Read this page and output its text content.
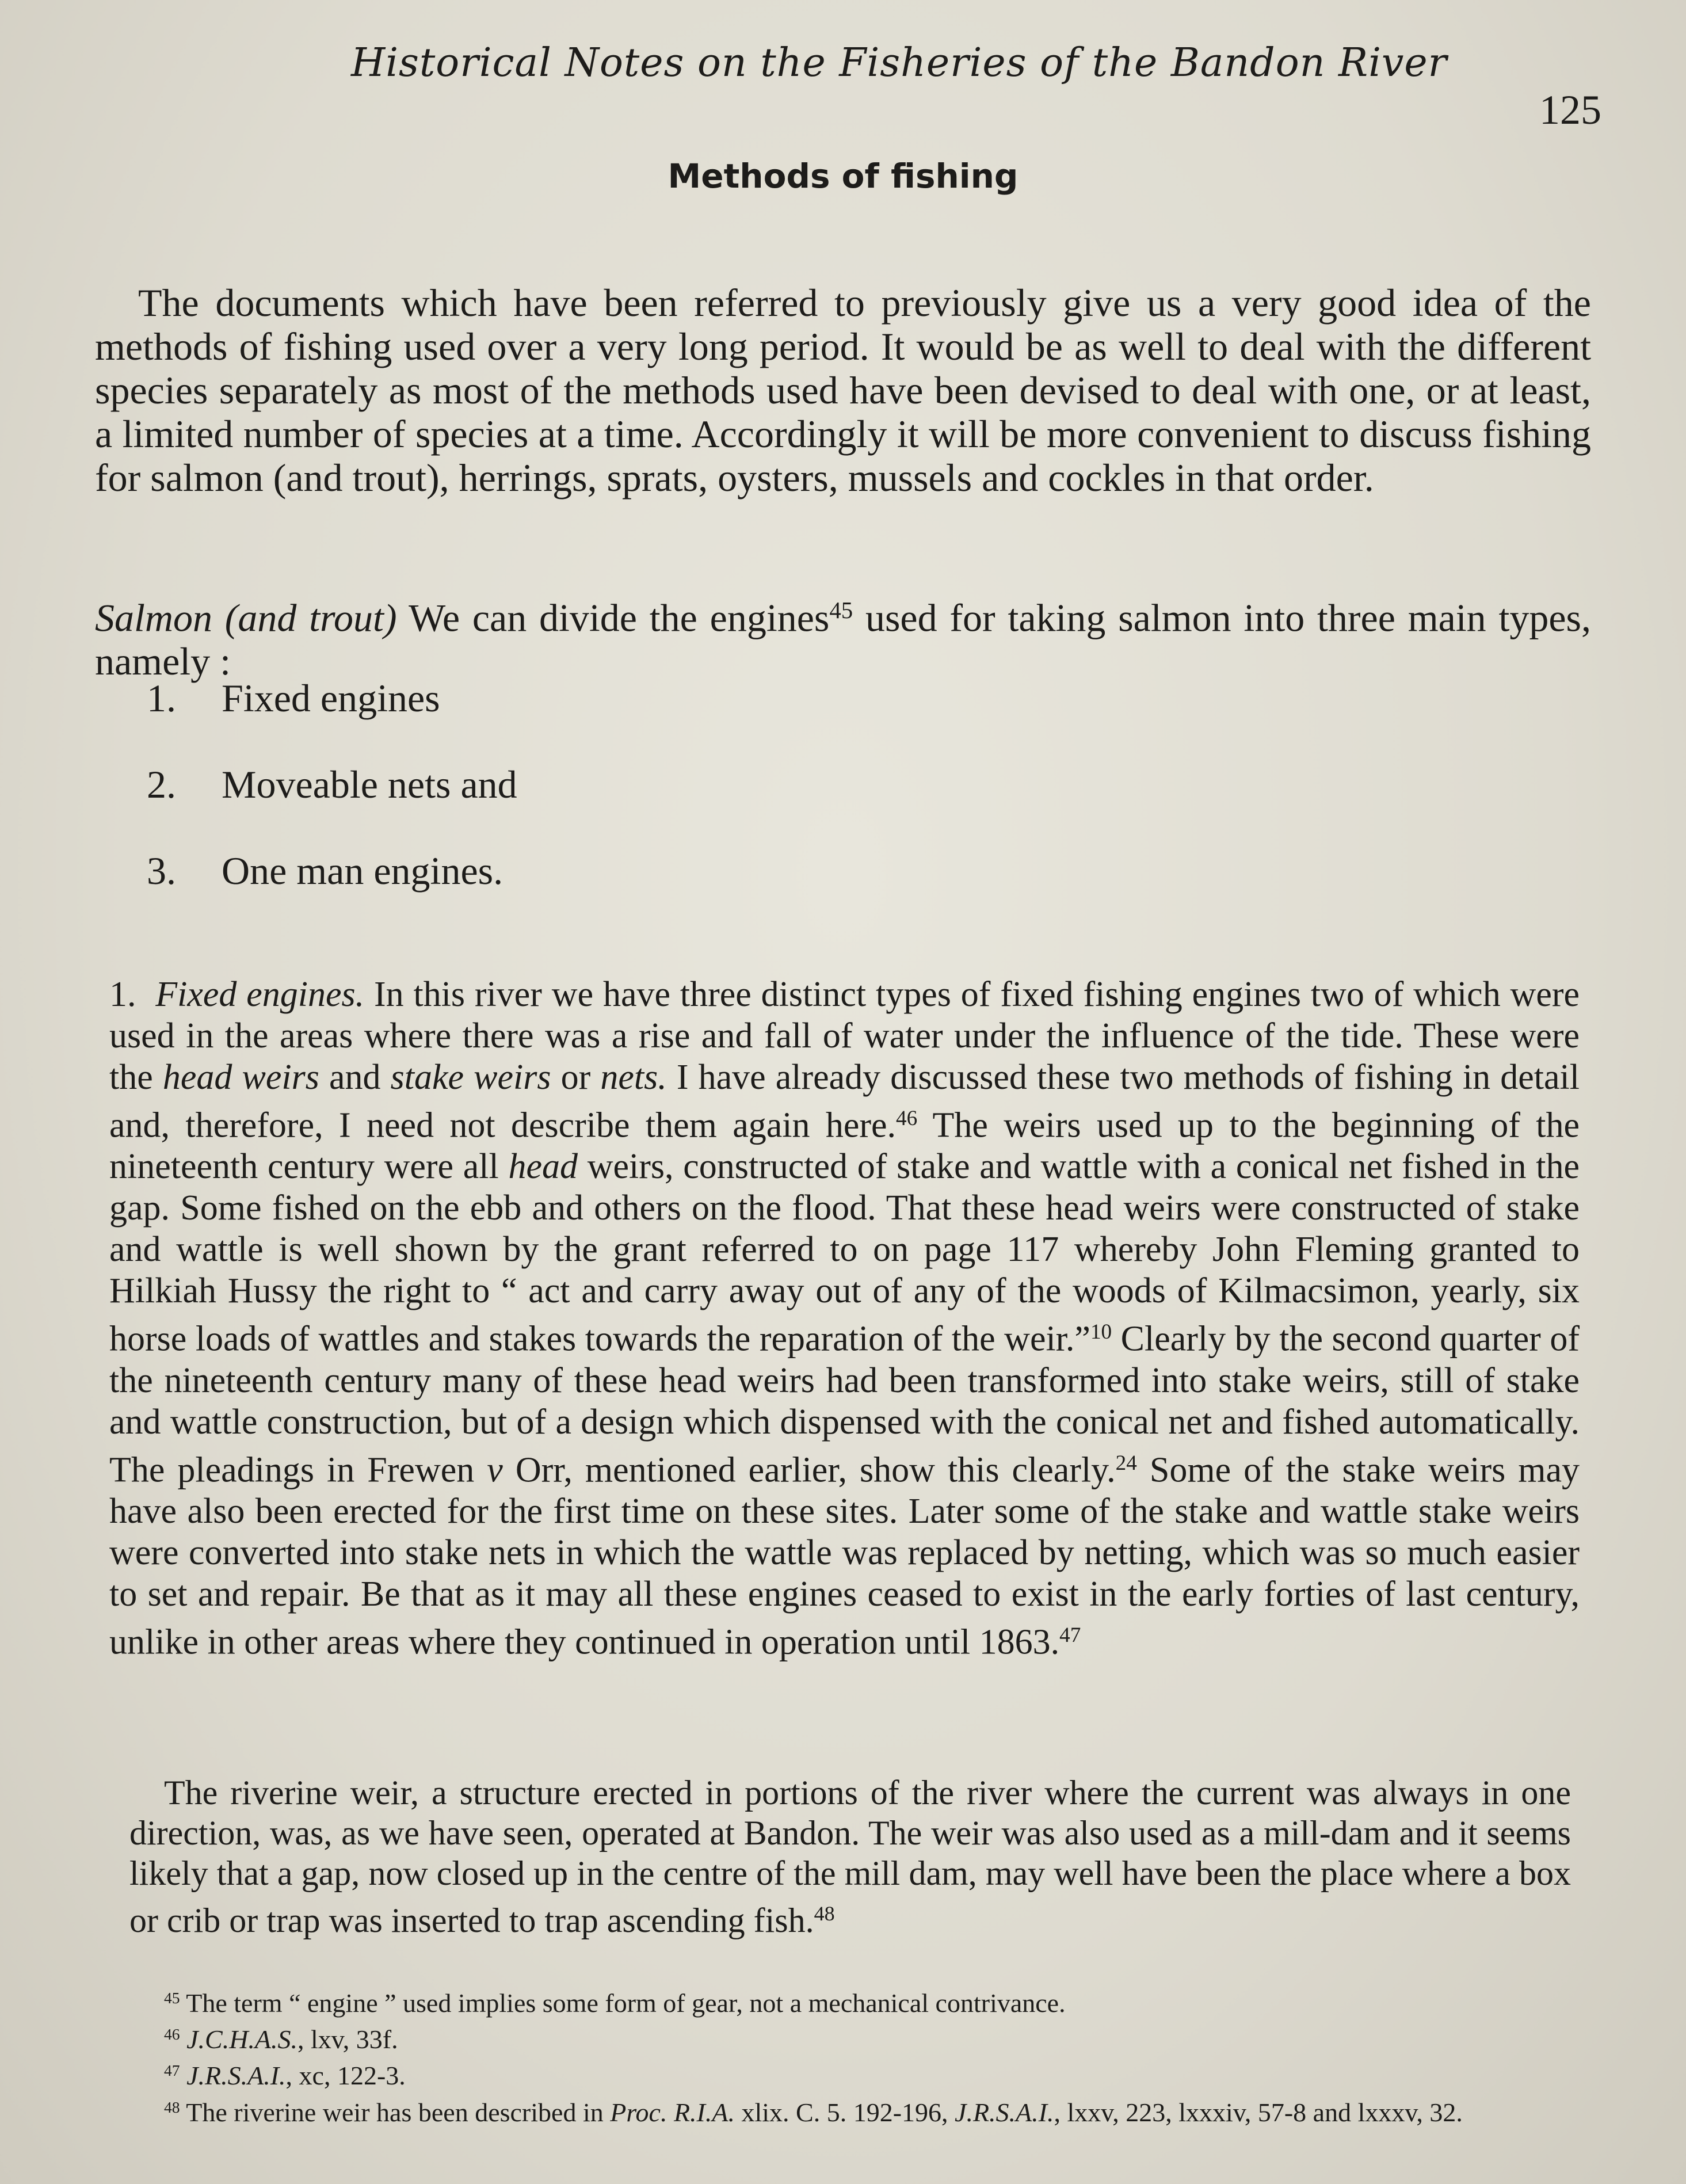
Historical Notes on the Fisheries of the Bandon River
125
Methods of fishing

The documents which have been referred to previously give us a very good idea of the methods of fishing used over a very long period. It would be as well to deal with the different species separately as most of the methods used have been devised to deal with one, or at least, a limited number of species at a time. Accordingly it will be more convenient to discuss fishing for salmon (and trout), herrings, sprats, oysters, mussels and cockles in that order.

Salmon (and trout) We can divide the engines$^{45}$ used for taking salmon into three main types, namely :

1.	Fixed engines
2.	Moveable nets and
3.	One man engines.

1. Fixed engines. In this river we have three distinct types of fixed fishing engines two of which were used in the areas where there was a rise and fall of water under the influence of the tide. These were the head weirs and stake weirs or nets. I have already discussed these two methods of fishing in detail and, therefore, I need not describe them again here.$^{46}$ The weirs used up to the beginning of the nineteenth century were all head weirs, constructed of stake and wattle with a conical net fished in the gap. Some fished on the ebb and others on the flood. That these head weirs were constructed of stake and wattle is well shown by the grant referred to on page 117 whereby John Fleming granted to Hilkiah Hussy the right to “ act and carry away out of any of the woods of Kilmacsimon, yearly, six horse loads of wattles and stakes towards the reparation of the weir.”$^{10}$ Clearly by the second quarter of the nineteenth century many of these head weirs had been transformed into stake weirs, still of stake and wattle construction, but of a design which dispensed with the conical net and fished automatically. The pleadings in Frewen v Orr, mentioned earlier, show this clearly.$^{24}$ Some of the stake weirs may have also been erected for the first time on these sites. Later some of the stake and wattle stake weirs were converted into stake nets in which the wattle was replaced by netting, which was so much easier to set and repair. Be that as it may all these engines ceased to exist in the early forties of last century, unlike in other areas where they continued in operation until 1863.47

The riverine weir, a structure erected in portions of the river where the current was always in one direction, was, as we have seen, operated at Bandon. The weir was also used as a mill-dam and it seems likely that a gap, now closed up in the centre of the mill dam, may well have been the place where a box or crib or trap was inserted to trap ascending fish.$^{48}$

$^{45}$ The term “ engine ” used implies some form of gear, not a mechanical contrivance.

$^{46}$ J.C.H.A.S., lxv, 33f.

$^{47}$ J.R.S.A.I., xc, 122-3.

$^{48}$ The riverine weir has been described in Proc. R.I.A. xlix. C. 5. 192-196, J.R.S.A.I., lxxv, 223, lxxxiv, 57-8 and lxxxv, 32.
